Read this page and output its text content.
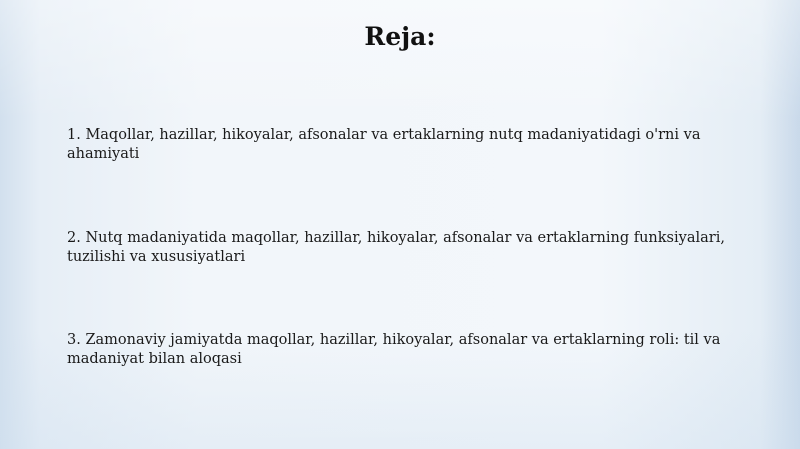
Reja:

1. Maqollar, hazillar, hikoyalar, afsonalar va ertaklarning nutq madaniyatidagi o'rni va ahamiyati

2. Nutq madaniyatida maqollar, hazillar, hikoyalar, afsonalar va ertaklarning funksiyalari, tuzilishi va xususiyatlari

3. Zamonaviy jamiyatda maqollar, hazillar, hikoyalar, afsonalar va ertaklarning roli: til va madaniyat bilan aloqasi
